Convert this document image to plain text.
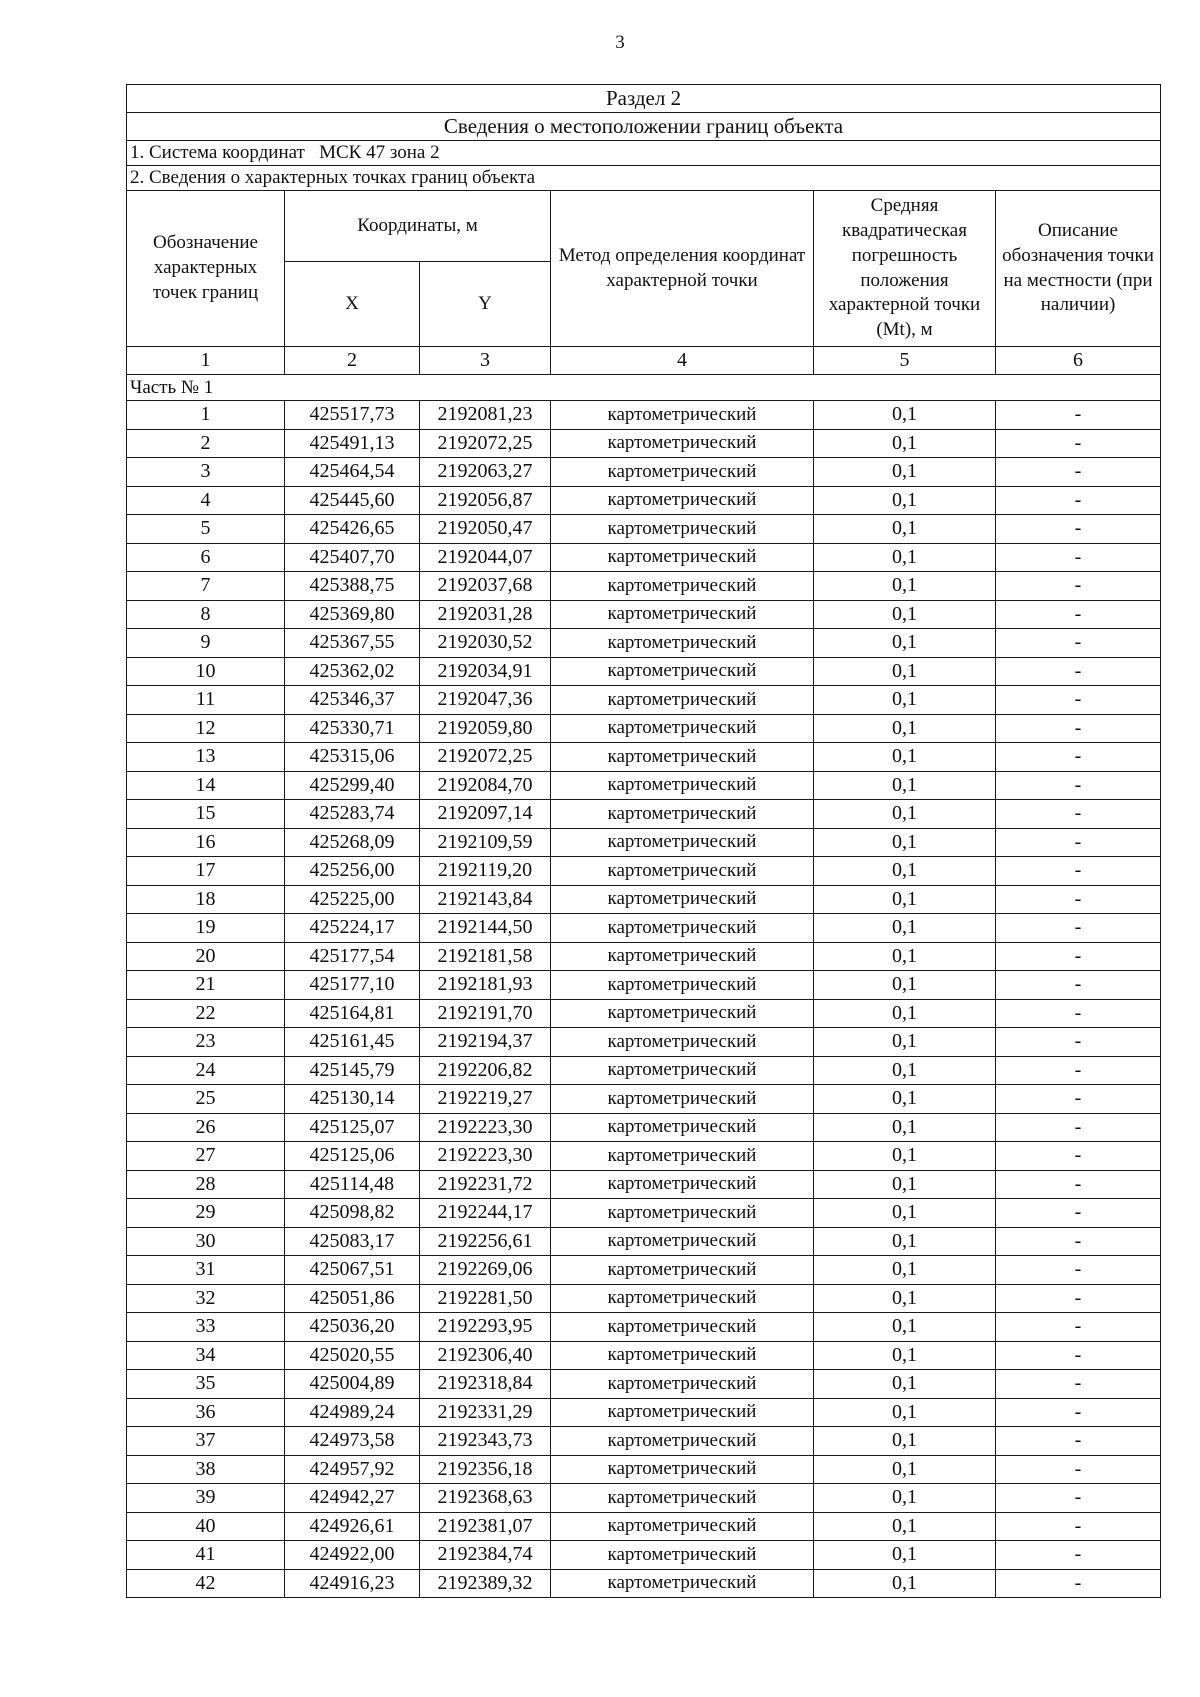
3
Раздел 2					
Сведения о местоположении границ объекта					
1. Система координат   МСК 47 зона 2					
2. Сведения о характерных точках границ объекта					
Обозначение характерных точек границ	Координаты, м		Метод определения координат характерной точки	Средняя квадратическая погрешность положения характерной точки (Mt), м	Описание обозначения точки на местности (при наличии)
	X	Y			
1	2	3	4	5	6
Часть № 1					
1	425517,73	2192081,23	картометрический	0,1	-
2	425491,13	2192072,25	картометрический	0,1	-
3	425464,54	2192063,27	картометрический	0,1	-
4	425445,60	2192056,87	картометрический	0,1	-
5	425426,65	2192050,47	картометрический	0,1	-
6	425407,70	2192044,07	картометрический	0,1	-
7	425388,75	2192037,68	картометрический	0,1	-
8	425369,80	2192031,28	картометрический	0,1	-
9	425367,55	2192030,52	картометрический	0,1	-
10	425362,02	2192034,91	картометрический	0,1	-
11	425346,37	2192047,36	картометрический	0,1	-
12	425330,71	2192059,80	картометрический	0,1	-
13	425315,06	2192072,25	картометрический	0,1	-
14	425299,40	2192084,70	картометрический	0,1	-
15	425283,74	2192097,14	картометрический	0,1	-
16	425268,09	2192109,59	картометрический	0,1	-
17	425256,00	2192119,20	картометрический	0,1	-
18	425225,00	2192143,84	картометрический	0,1	-
19	425224,17	2192144,50	картометрический	0,1	-
20	425177,54	2192181,58	картометрический	0,1	-
21	425177,10	2192181,93	картометрический	0,1	-
22	425164,81	2192191,70	картометрический	0,1	-
23	425161,45	2192194,37	картометрический	0,1	-
24	425145,79	2192206,82	картометрический	0,1	-
25	425130,14	2192219,27	картометрический	0,1	-
26	425125,07	2192223,30	картометрический	0,1	-
27	425125,06	2192223,30	картометрический	0,1	-
28	425114,48	2192231,72	картометрический	0,1	-
29	425098,82	2192244,17	картометрический	0,1	-
30	425083,17	2192256,61	картометрический	0,1	-
31	425067,51	2192269,06	картометрический	0,1	-
32	425051,86	2192281,50	картометрический	0,1	-
33	425036,20	2192293,95	картометрический	0,1	-
34	425020,55	2192306,40	картометрический	0,1	-
35	425004,89	2192318,84	картометрический	0,1	-
36	424989,24	2192331,29	картометрический	0,1	-
37	424973,58	2192343,73	картометрический	0,1	-
38	424957,92	2192356,18	картометрический	0,1	-
39	424942,27	2192368,63	картометрический	0,1	-
40	424926,61	2192381,07	картометрический	0,1	-
41	424922,00	2192384,74	картометрический	0,1	-
42	424916,23	2192389,32	картометрический	0,1	-
